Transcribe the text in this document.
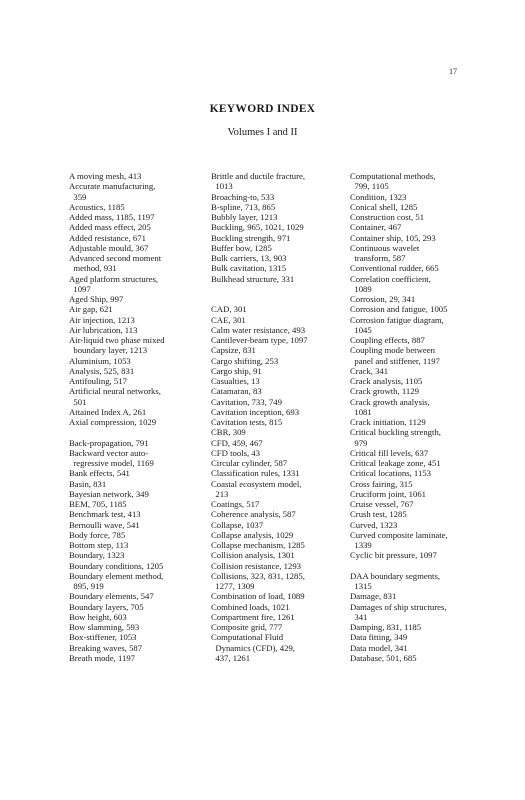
17
KEYWORD INDEX
Volumes I and II
A moving mesh, 413
Accurate manufacturing,
359
Acoustics, 1185
Added mass, 1185, 1197
Added mass effect, 205
Added resistance, 671
Adjustable mould, 367
Advanced second moment
method, 931
Aged platform structures,
1097
Aged Ship, 997
Air gap, 621
Air injection, 1213
Air lubrication, 113
Air-liquid two phase mixed
boundary layer, 1213
Aluminium, 1053
Analysis, 525, 831
Antifouling, 517
Artificial neural networks,
501
Attained Index A, 261
Axial compression, 1029
Back-propagation, 791
Backward vector auto-
regressive model, 1169
Bank effects, 541
Basin, 831
Bayesian network, 349
BEM, 705, 1185
Benchmark test, 413
Bernoulli wave, 541
Body force, 785
Bottom step, 113
Boundary, 1323
Boundary conditions, 1205
Boundary element method,
895, 919
Boundary elements, 547
Boundary layers, 705
Bow height, 603
Bow slamming, 593
Box-stiffener, 1053
Breaking waves, 587
Breath mode, 1197
Brittle and ductile fracture,
1013
Broaching-to, 533
B-spline, 713, 865
Bubbly layer, 1213
Buckling, 965, 1021, 1029
Buckling strength, 971
Buffer bow, 1285
Bulk carriers, 13, 903
Bulk cavitation, 1315
Bulkhead structure, 331
CAD, 301
CAE, 301
Calm water resistance, 493
Cantilever-beam type, 1097
Capsize, 831
Cargo shifting, 253
Cargo ship, 91
Casualties, 13
Catamaran, 83
Cavitation, 733, 749
Cavitation inception, 693
Cavitation tests, 815
CBR, 309
CFD, 459, 467
CFD tools, 43
Circular cylinder, 587
Classification rules, 1331
Coastal ecosystem model,
213
Coatings, 517
Coherence analysis, 587
Collapse, 1037
Collapse analysis, 1029
Collapse mechanism, 1285
Collision analysis, 1301
Collision resistance, 1293
Collisions, 323, 831, 1285,
1277, 1309
Combination of load, 1089
Combined loads, 1021
Compartment fire, 1261
Composite grid, 777
Computational Fluid
Dynamics (CFD), 429,
437, 1261
Computational methods,
799, 1105
Condition, 1323
Conical shell, 1285
Construction cost, 51
Container, 467
Container ship, 105, 293
Continuous wavelet
transform, 587
Conventional rudder, 665
Correlation coefficient,
1089
Corrosion, 29, 341
Corrosion and fatigue, 1005
Corrosion fatigue diagram,
1045
Coupling effects, 887
Coupling mode between
panel and stiffener, 1197
Crack, 341
Crack analysis, 1105
Crack growth, 1129
Crack growth analysis,
1081
Crack initiation, 1129
Critical buckling strength,
979
Critical fill levels, 637
Critical leakage zone, 451
Critical locations, 1153
Cross fairing, 315
Cruciform joint, 1061
Cruise vessel, 767
Crush test, 1285
Curved, 1323
Curved composite laminate,
1339
Cyclic bit pressure, 1097
DAA boundary segments,
1315
Damage, 831
Damages of ship structures,
341
Damping, 831, 1185
Data fitting, 349
Data model, 341
Database, 501, 685
